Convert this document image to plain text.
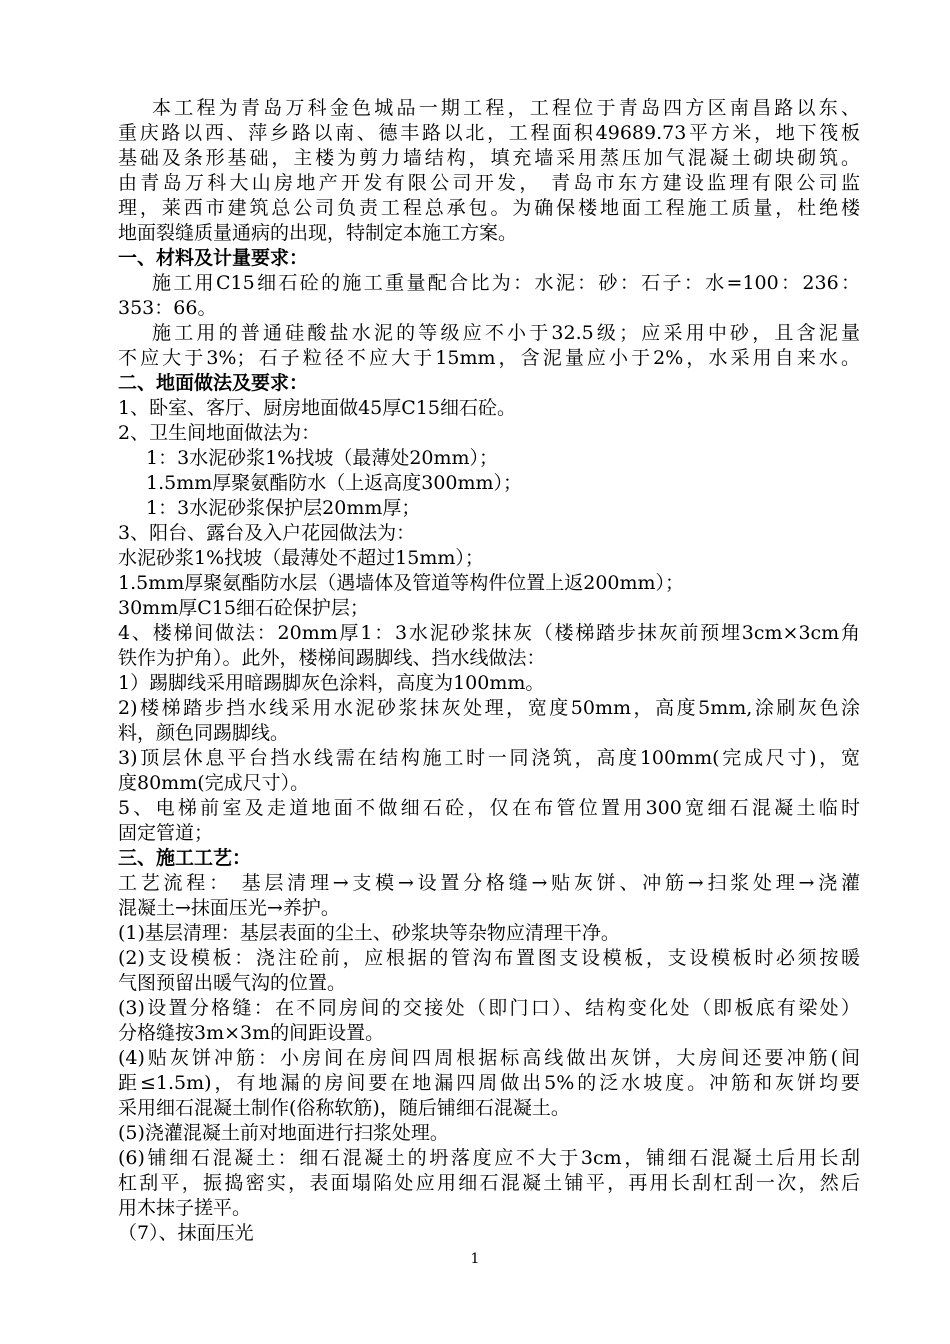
本工程为青岛万科金色城品一期工程，工程位于青岛四方区南昌路以东、
重庆路以西、萍乡路以南、德丰路以北，工程面积49689.73平方米，地下筏板
基础及条形基础，主楼为剪力墙结构，填充墙采用蒸压加气混凝土砌块砌筑。
由青岛万科大山房地产开发有限公司开发， 青岛市东方建设监理有限公司监
理，莱西市建筑总公司负责工程总承包。为确保楼地面工程施工质量，杜绝楼
地面裂缝质量通病的出现，特制定本施工方案。
一、材料及计量要求：
施工用C15细石砼的施工重量配合比为：水泥：砂：石子：水=100：236：
353：66。
施工用的普通硅酸盐水泥的等级应不小于32.5级；应采用中砂，且含泥量
不应大于3%；石子粒径不应大于15mm，含泥量应小于2%，水采用自来水。
二、地面做法及要求：
1、卧室、客厅、厨房地面做45厚C15细石砼。
2、卫生间地面做法为：
1：3水泥砂浆1%找坡（最薄处20mm）；
1.5mm厚聚氨酯防水（上返高度300mm）；
1：3水泥砂浆保护层20mm厚；
3、阳台、露台及入户花园做法为：
水泥砂浆1%找坡（最薄处不超过15mm）；
1.5mm厚聚氨酯防水层（遇墙体及管道等构件位置上返200mm）；
30mm厚C15细石砼保护层；
4、楼梯间做法：20mm厚1：3水泥砂浆抹灰（楼梯踏步抹灰前预埋3cm×3cm角
铁作为护角）。此外，楼梯间踢脚线、挡水线做法：
1）踢脚线采用暗踢脚灰色涂料，高度为100mm。
2)楼梯踏步挡水线采用水泥砂浆抹灰处理，宽度50mm，高度5mm,涂刷灰色涂
料，颜色同踢脚线。
3)顶层休息平台挡水线需在结构施工时一同浇筑，高度100mm(完成尺寸)，宽
度80mm(完成尺寸）。
5、电梯前室及走道地面不做细石砼，仅在布管位置用300宽细石混凝土临时
固定管道；
三、施工工艺：
工艺流程： 基层清理→支模→设置分格缝→贴灰饼、冲筋→扫浆处理→浇灌
混凝土→抹面压光→养护。
(1)基层清理：基层表面的尘土、砂浆块等杂物应清理干净。
(2)支设模板：浇注砼前，应根据的管沟布置图支设模板，支设模板时必须按暖
气图预留出暖气沟的位置。
(3)设置分格缝：在不同房间的交接处（即门口）、结构变化处（即板底有梁处）
分格缝按3m×3m的间距设置。
(4)贴灰饼冲筋：小房间在房间四周根据标高线做出灰饼，大房间还要冲筋(间
距≤1.5m)，有地漏的房间要在地漏四周做出5%的泛水坡度。冲筋和灰饼均要
采用细石混凝土制作(俗称软筋)，随后铺细石混凝土。
(5)浇灌混凝土前对地面进行扫浆处理。
(6)铺细石混凝土：细石混凝土的坍落度应不大于3cm，铺细石混凝土后用长刮
杠刮平，振捣密实，表面塌陷处应用细石混凝土铺平，再用长刮杠刮一次，然后
用木抹子搓平。
（7）、抹面压光
1
